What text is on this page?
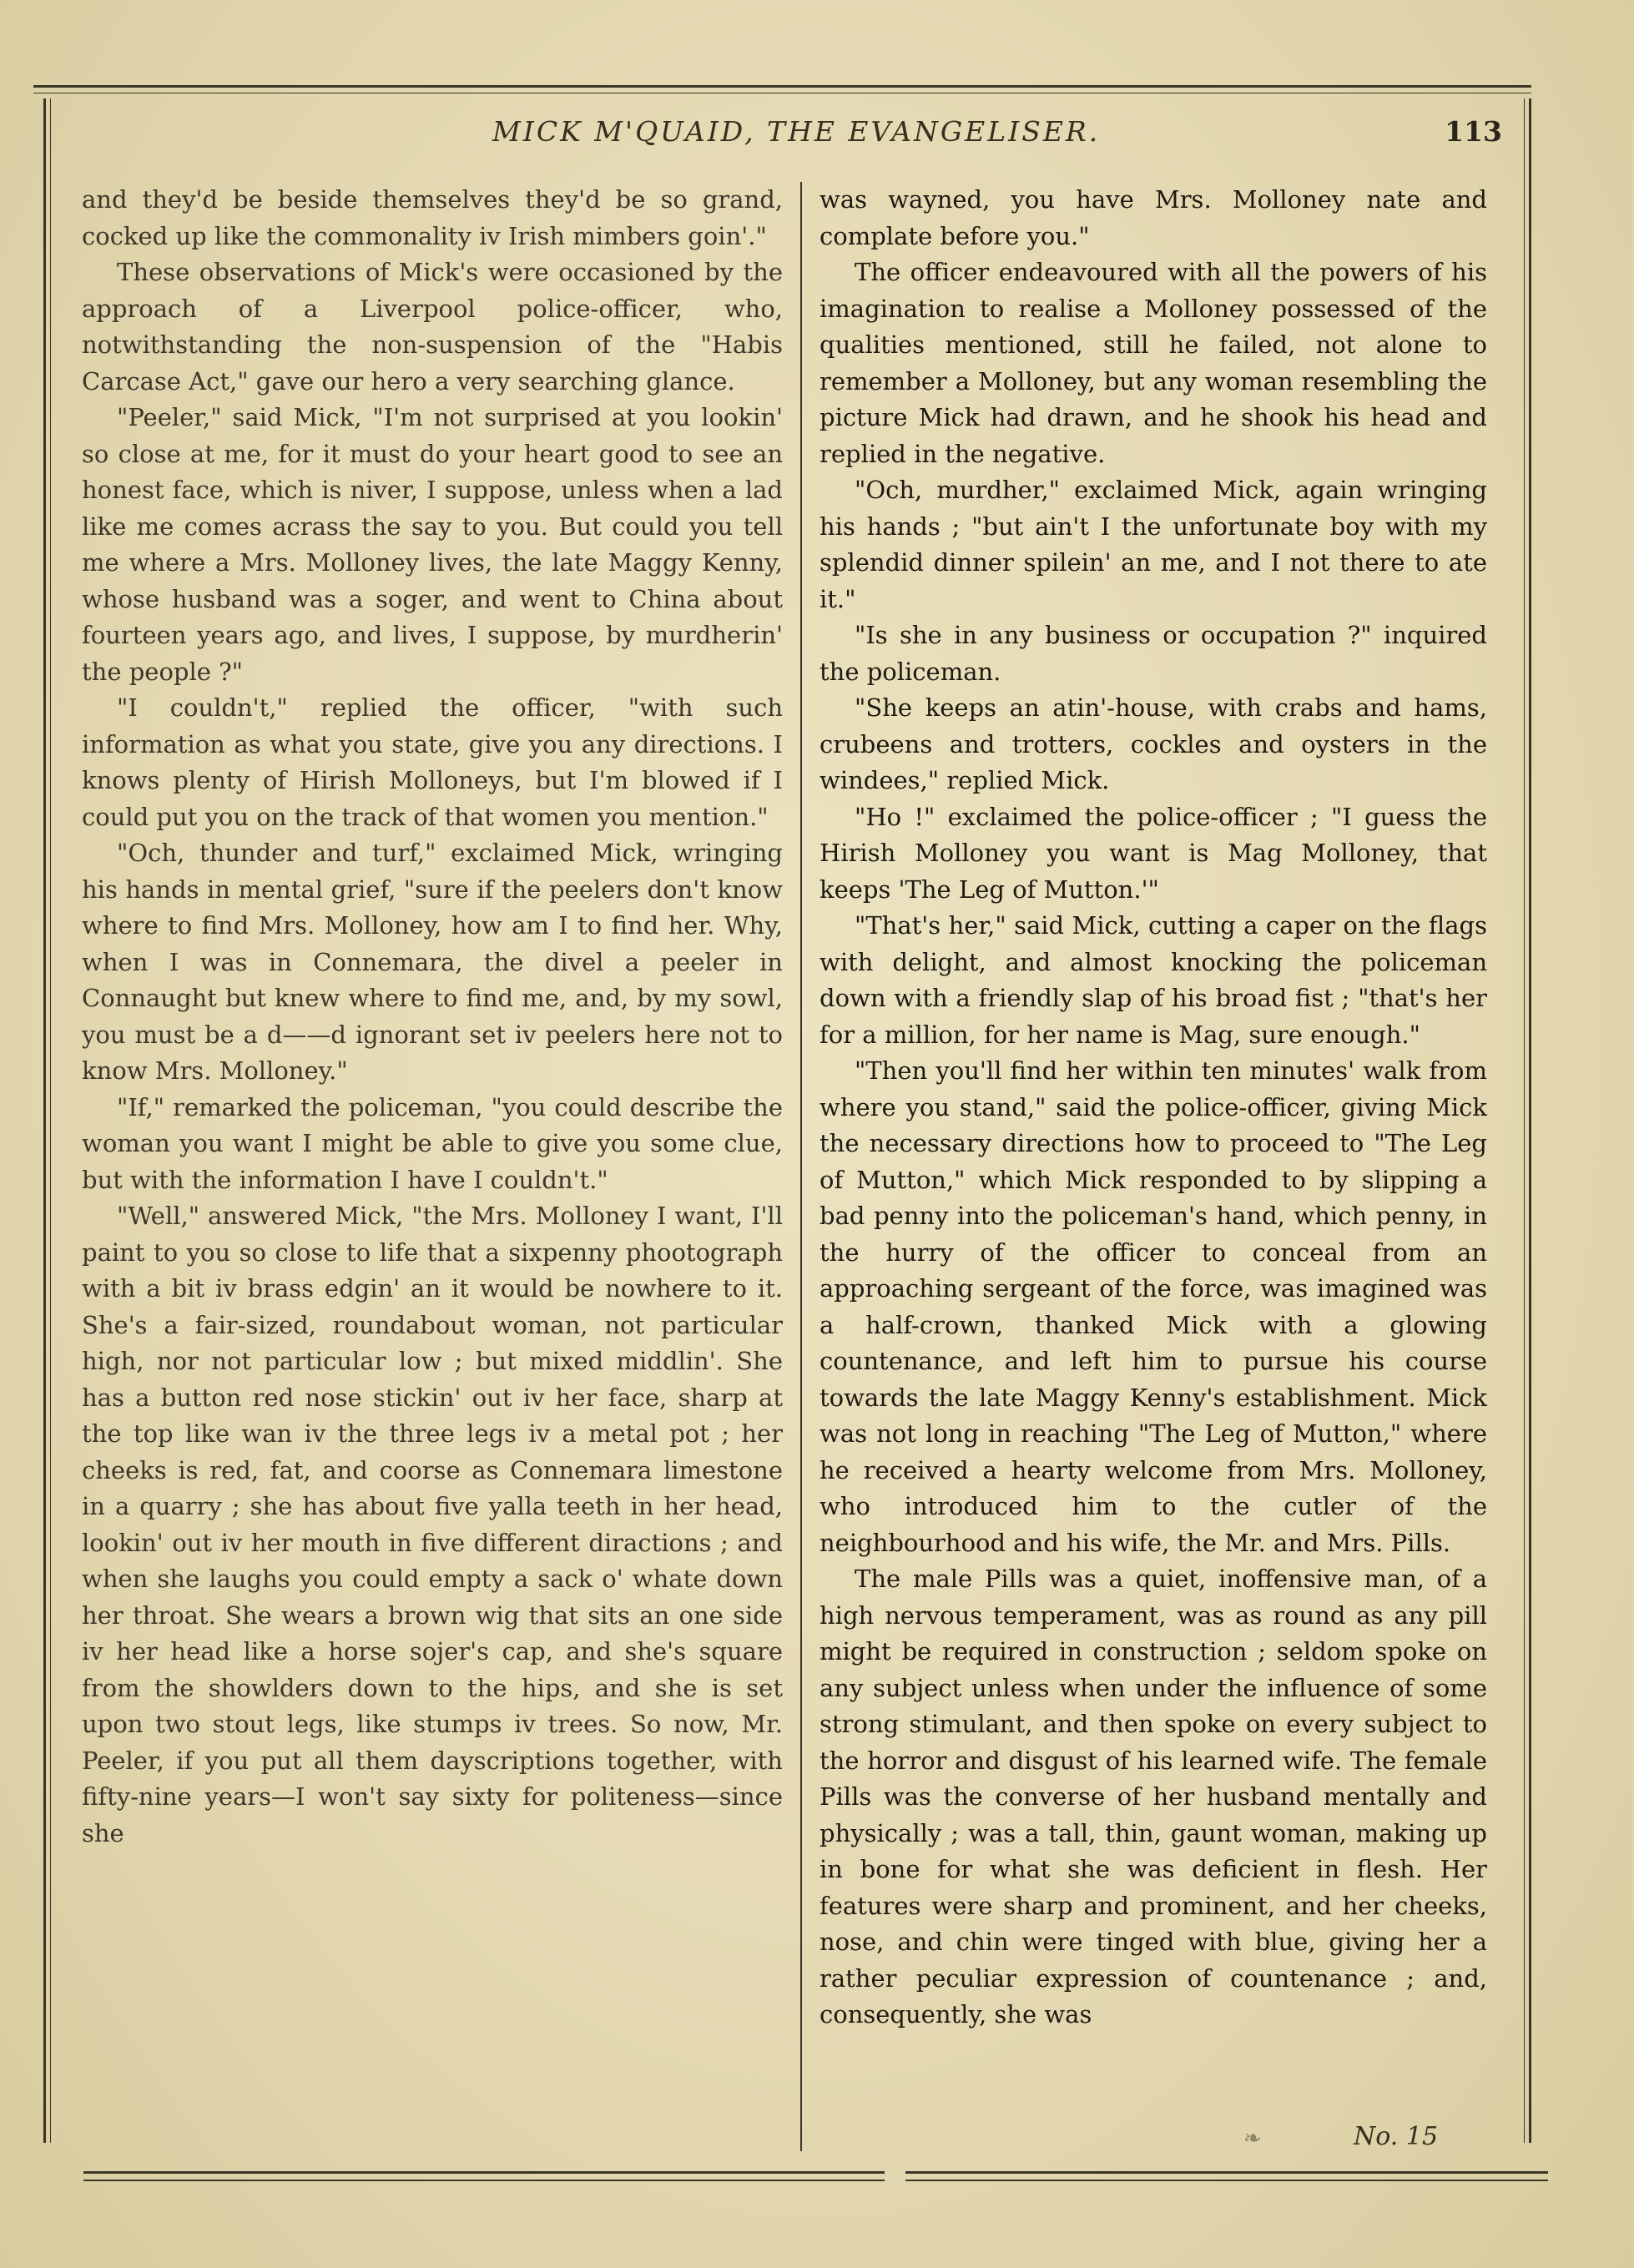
MICK M'QUAID, THE EVANGELISER.	113

and they'd be beside themselves they'd be so grand, cocked up like the commonality iv Irish mimbers goin'."

These observations of Mick's were occasioned by the approach of a Liverpool police-officer, who, notwithstanding the non-suspension of the "Habis Carcase Act," gave our hero a very searching glance.

"Peeler," said Mick, "I'm not surprised at you lookin' so close at me, for it must do your heart good to see an honest face, which is niver, I suppose, unless when a lad like me comes acrass the say to you. But could you tell me where a Mrs. Molloney lives, the late Maggy Kenny, whose husband was a soger, and went to China about fourteen years ago, and lives, I suppose, by murdherin' the people ?"

"I couldn't," replied the officer, "with such information as what you state, give you any directions. I knows plenty of Hirish Molloneys, but I'm blowed if I could put you on the track of that women you mention."

"Och, thunder and turf," exclaimed Mick, wringing his hands in mental grief, "sure if the peelers don't know where to find Mrs. Molloney, how am I to find her. Why, when I was in Connemara, the divel a peeler in Connaught but knew where to find me, and, by my sowl, you must be a d——d ignorant set iv peelers here not to know Mrs. Molloney."

"If," remarked the policeman, "you could describe the woman you want I might be able to give you some clue, but with the information I have I couldn't."

"Well," answered Mick, "the Mrs. Molloney I want, I'll paint to you so close to life that a sixpenny phootograph with a bit iv brass edgin' an it would be nowhere to it. She's a fair-sized, roundabout woman, not particular high, nor not particular low ; but mixed middlin'. She has a button red nose stickin' out iv her face, sharp at the top like wan iv the three legs iv a metal pot ; her cheeks is red, fat, and coorse as Connemara limestone in a quarry ; she has about five yalla teeth in her head, lookin' out iv her mouth in five different diractions ; and when she laughs you could empty a sack o' whate down her throat. She wears a brown wig that sits an one side iv her head like a horse sojer's cap, and she's square from the showlders down to the hips, and she is set upon two stout legs, like stumps iv trees. So now, Mr. Peeler, if you put all them dayscriptions together, with fifty-nine years—I won't say sixty for politeness—since she

was wayned, you have Mrs. Molloney nate and complate before you."

The officer endeavoured with all the powers of his imagination to realise a Molloney possessed of the qualities mentioned, still he failed, not alone to remember a Molloney, but any woman resembling the picture Mick had drawn, and he shook his head and replied in the negative.

"Och, murdher," exclaimed Mick, again wringing his hands ; "but ain't I the unfortunate boy with my splendid dinner spilein' an me, and I not there to ate it."

"Is she in any business or occupation ?" inquired the policeman.

"She keeps an atin'-house, with crabs and hams, crubeens and trotters, cockles and oysters in the windees," replied Mick.

"Ho !" exclaimed the police-officer ; "I guess the Hirish Molloney you want is Mag Molloney, that keeps 'The Leg of Mutton.'"

"That's her," said Mick, cutting a caper on the flags with delight, and almost knocking the policeman down with a friendly slap of his broad fist ; "that's her for a million, for her name is Mag, sure enough."

"Then you'll find her within ten minutes' walk from where you stand," said the police-officer, giving Mick the necessary directions how to proceed to "The Leg of Mutton," which Mick responded to by slipping a bad penny into the policeman's hand, which penny, in the hurry of the officer to conceal from an approaching sergeant of the force, was imagined was a half-crown, thanked Mick with a glowing countenance, and left him to pursue his course towards the late Maggy Kenny's establishment. Mick was not long in reaching "The Leg of Mutton," where he received a hearty welcome from Mrs. Molloney, who introduced him to the cutler of the neighbourhood and his wife, the Mr. and Mrs. Pills.

The male Pills was a quiet, inoffensive man, of a high nervous temperament, was as round as any pill might be required in construction ; seldom spoke on any subject unless when under the influence of some strong stimulant, and then spoke on every subject to the horror and disgust of his learned wife. The female Pills was the converse of her husband mentally and physically ; was a tall, thin, gaunt woman, making up in bone for what she was deficient in flesh. Her features were sharp and prominent, and her cheeks, nose, and chin were tinged with blue, giving her a rather peculiar expression of countenance ; and, consequently, she was

❧	No. 15
